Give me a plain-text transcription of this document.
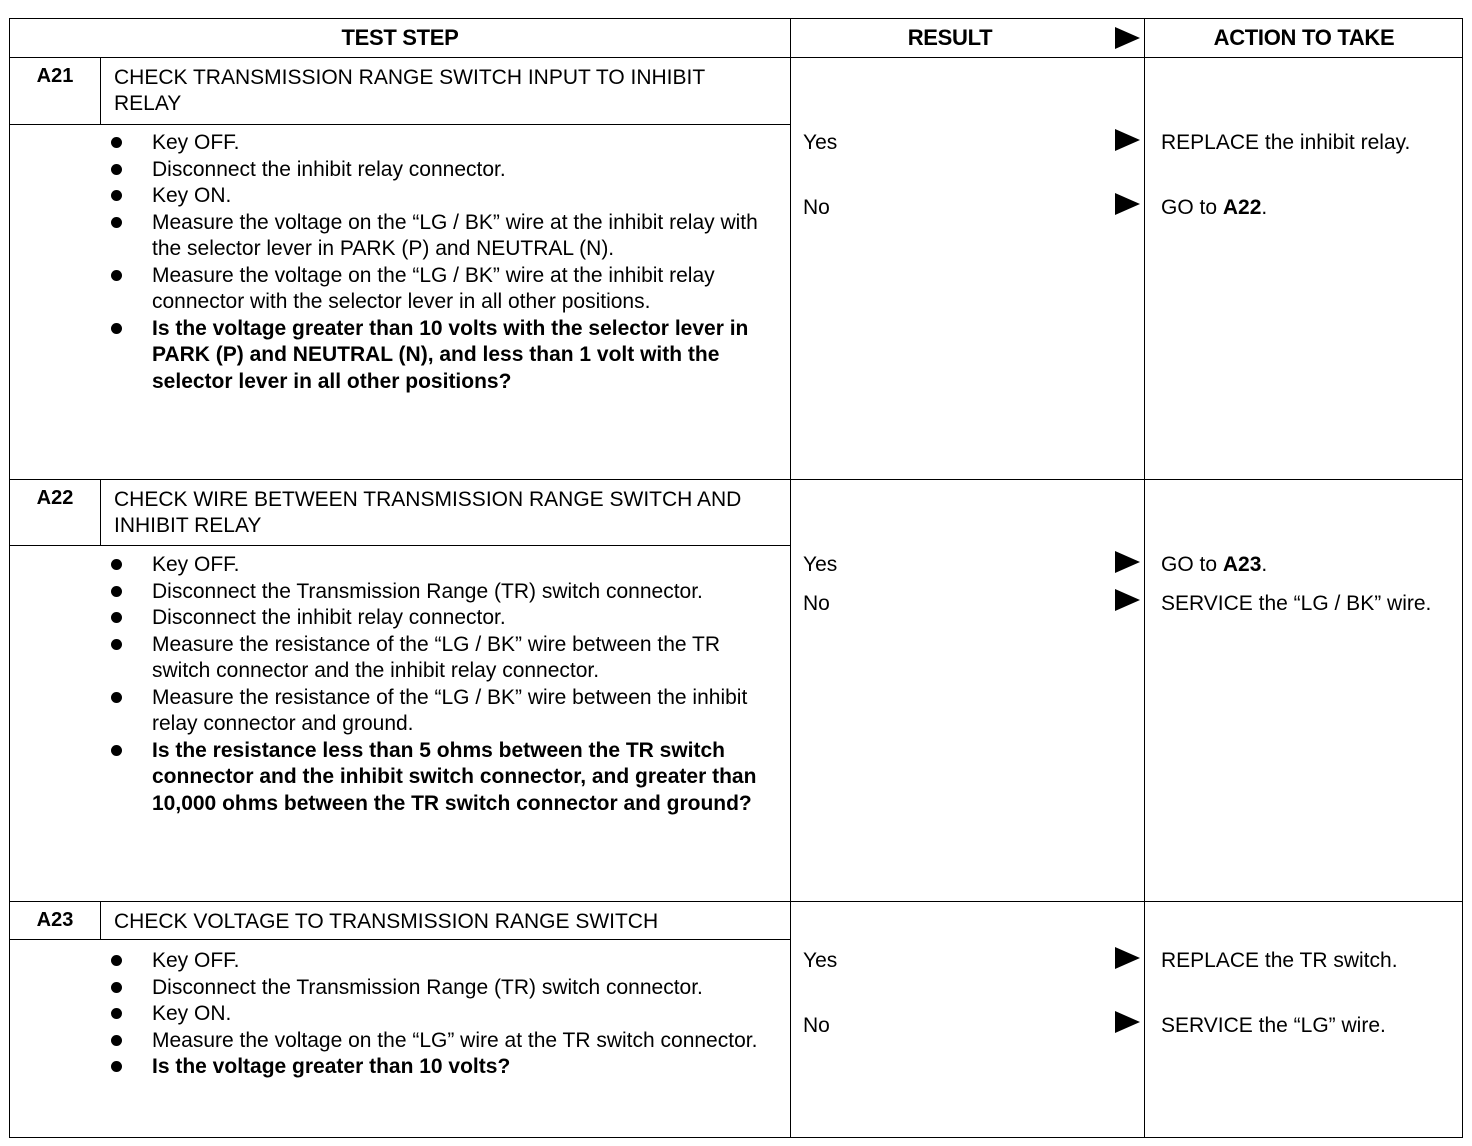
TEST STEP	RESULT	ACTION TO TAKE
A21	CHECK TRANSMISSION RANGE SWITCH INPUT TO INHIBIT RELAY
Key OFF.
Disconnect the inhibit relay connector.
Key ON.
Measure the voltage on the “LG / BK” wire at the inhibit relay with the selector lever in PARK (P) and NEUTRAL (N).
Measure the voltage on the “LG / BK” wire at the inhibit relay connector with the selector lever in all other positions.
Is the voltage greater than 10 volts with the selector lever in PARK (P) and NEUTRAL (N), and less than 1 volt with the selector lever in all other positions?
Yes	REPLACE the inhibit relay.
No	GO to A22.
A22	CHECK WIRE BETWEEN TRANSMISSION RANGE SWITCH AND INHIBIT RELAY
Key OFF.
Disconnect the Transmission Range (TR) switch connector.
Disconnect the inhibit relay connector.
Measure the resistance of the “LG / BK” wire between the TR switch connector and the inhibit relay connector.
Measure the resistance of the “LG / BK” wire between the inhibit relay connector and ground.
Is the resistance less than 5 ohms between the TR switch connector and the inhibit switch connector, and greater than 10,000 ohms between the TR switch connector and ground?
Yes	GO to A23.
No	SERVICE the “LG / BK” wire.
A23	CHECK VOLTAGE TO TRANSMISSION RANGE SWITCH
Key OFF.
Disconnect the Transmission Range (TR) switch connector.
Key ON.
Measure the voltage on the “LG” wire at the TR switch connector.
Is the voltage greater than 10 volts?
Yes	REPLACE the TR switch.
No	SERVICE the “LG” wire.
